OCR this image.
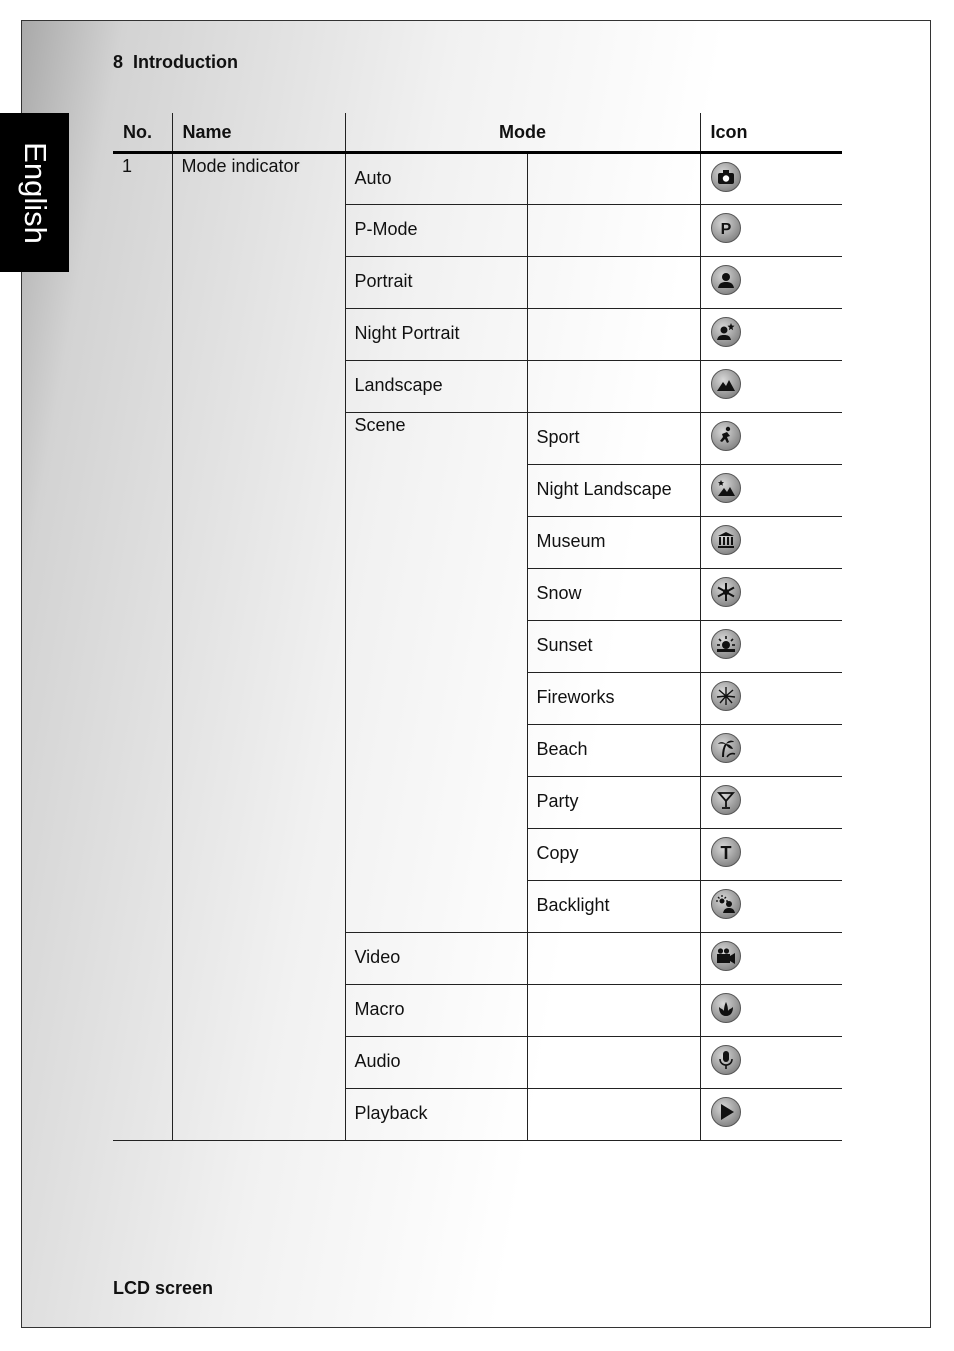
English
8  Introduction
No.	Name	Mode		Icon
1	Mode indicator	Auto		

		P-Mode		P

		Portrait		

		Night Portrait		

		Landscape		

		Scene	Sport	

			Night Landscape	

			Museum	

			Snow	

			Sunset	

			Fireworks	

			Beach	

			Party	

			Copy	T

			Backlight	

		Video		

		Macro		

		Audio		

		Playback		
LCD screen
